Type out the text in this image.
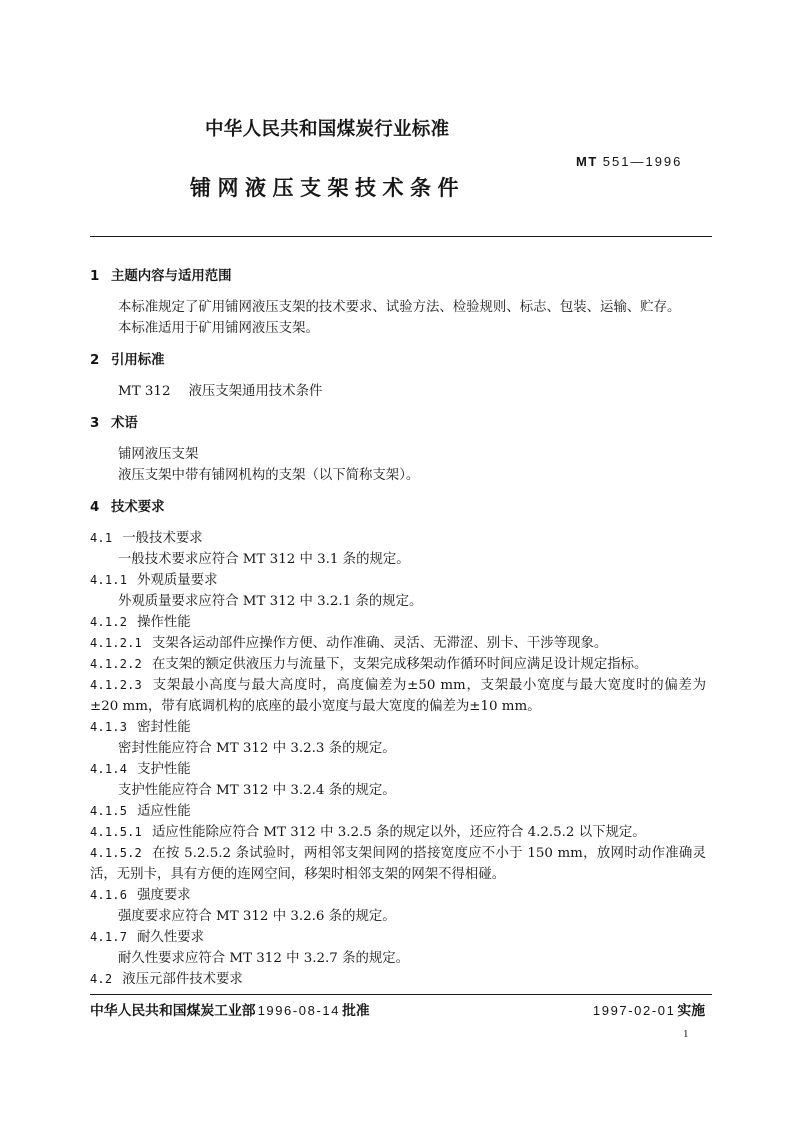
中华人民共和国煤炭行业标准
MT 551—1996
铺网液压支架技术条件
1 主题内容与适用范围
本标准规定了矿用铺网液压支架的技术要求、试验方法、检验规则、标志、包装、运输、贮存。
本标准适用于矿用铺网液压支架。
2 引用标准
MT 312 液压支架通用技术条件
3 术语
铺网液压支架
液压支架中带有铺网机构的支架（以下简称支架）。
4 技术要求
4.1 一般技术要求
一般技术要求应符合 MT 312 中 3.1 条的规定。
4.1.1 外观质量要求
外观质量要求应符合 MT 312 中 3.2.1 条的规定。
4.1.2 操作性能
4.1.2.1 支架各运动部件应操作方便、动作准确、灵活、无滞涩、别卡、干涉等现象。
4.1.2.2 在支架的额定供液压力与流量下，支架完成移架动作循环时间应满足设计规定指标。
4.1.2.3 支架最小高度与最大高度时，高度偏差为±50 mm，支架最小宽度与最大宽度时的偏差为
±20 mm，带有底调机构的底座的最小宽度与最大宽度的偏差为±10 mm。
4.1.3 密封性能
密封性能应符合 MT 312 中 3.2.3 条的规定。
4.1.4 支护性能
支护性能应符合 MT 312 中 3.2.4 条的规定。
4.1.5 适应性能
4.1.5.1 适应性能除应符合 MT 312 中 3.2.5 条的规定以外，还应符合 4.2.5.2 以下规定。
4.1.5.2 在按 5.2.5.2 条试验时，两相邻支架间网的搭接宽度应不小于 150 mm，放网时动作准确灵
活，无别卡，具有方便的连网空间，移架时相邻支架的网架不得相碰。
4.1.6 强度要求
强度要求应符合 MT 312 中 3.2.6 条的规定。
4.1.7 耐久性要求
耐久性要求应符合 MT 312 中 3.2.7 条的规定。
4.2 液压元部件技术要求
中华人民共和国煤炭工业部 1996-08-14 批准	1997-02-01 实施
1
